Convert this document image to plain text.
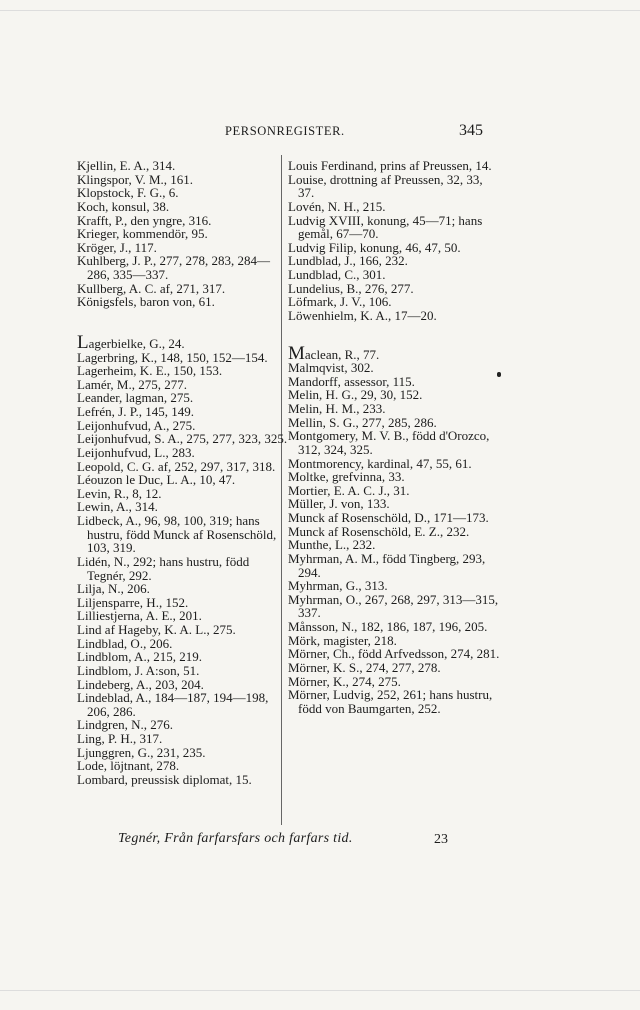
PERSONREGISTER.	345
Kjellin, E. A., 314.
Klingspor, V. M., 161.
Klopstock, F. G., 6.
Koch, konsul, 38.
Krafft, P., den yngre, 316.
Krieger, kommendör, 95.
Kröger, J., 117.
Kuhlberg, J. P., 277, 278, 283, 284—286, 335—337.
Kullberg, A. C. af, 271, 317.
Königsfels, baron von, 61.
Lagerbielke, G., 24.
Lagerbring, K., 148, 150, 152—154.
Lagerheim, K. E., 150, 153.
Lamér, M., 275, 277.
Leander, lagman, 275.
Lefrén, J. P., 145, 149.
Leijonhufvud, A., 275.
Leijonhufvud, S. A., 275, 277, 323, 325.
Leijonhufvud, L., 283.
Leopold, C. G. af, 252, 297, 317, 318.
Léouzon le Duc, L. A., 10, 47.
Levin, R., 8, 12.
Lewin, A., 314.
Lidbeck, A., 96, 98, 100, 319; hans hustru, född Munck af Rosenschöld, 103, 319.
Lidén, N., 292; hans hustru, född Tegnér, 292.
Lilja, N., 206.
Liljensparre, H., 152.
Lilliestjerna, A. E., 201.
Lind af Hageby, K. A. L., 275.
Lindblad, O., 206.
Lindblom, A., 215, 219.
Lindblom, J. A:son, 51.
Lindeberg, A., 203, 204.
Lindeblad, A., 184—187, 194—198, 206, 286.
Lindgren, N., 276.
Ling, P. H., 317.
Ljunggren, G., 231, 235.
Lode, löjtnant, 278.
Lombard, preussisk diplomat, 15.
Louis Ferdinand, prins af Preussen, 14.
Louise, drottning af Preussen, 32, 33, 37.
Lovén, N. H., 215.
Ludvig XVIII, konung, 45—71; hans gemål, 67—70.
Ludvig Filip, konung, 46, 47, 50.
Lundblad, J., 166, 232.
Lundblad, C., 301.
Lundelius, B., 276, 277.
Löfmark, J. V., 106.
Löwenhielm, K. A., 17—20.
Maclean, R., 77.
Malmqvist, 302.
Mandorff, assessor, 115.
Melin, H. G., 29, 30, 152.
Melin, H. M., 233.
Mellin, S. G., 277, 285, 286.
Montgomery, M. V. B., född d'Orozco, 312, 324, 325.
Montmorency, kardinal, 47, 55, 61.
Moltke, grefvinna, 33.
Mortier, E. A. C. J., 31.
Müller, J. von, 133.
Munck af Rosenschöld, D., 171—173.
Munck af Rosenschöld, E. Z., 232.
Munthe, L., 232.
Myhrman, A. M., född Tingberg, 293, 294.
Myhrman, G., 313.
Myhrman, O., 267, 268, 297, 313—315, 337.
Månsson, N., 182, 186, 187, 196, 205.
Mörk, magister, 218.
Mörner, Ch., född Arfvedsson, 274, 281.
Mörner, K. S., 274, 277, 278.
Mörner, K., 274, 275.
Mörner, Ludvig, 252, 261; hans hustru, född von Baumgarten, 252.
Tegnér, Från farfarsfars och farfars tid.	23
